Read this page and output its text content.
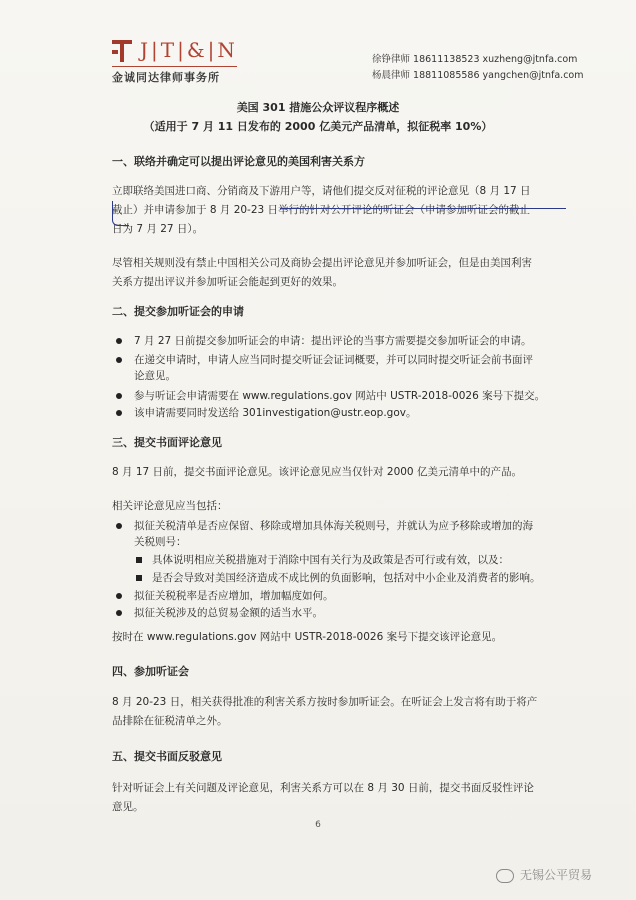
J|T|&|N
金诚同达律师事务所
徐铮律师 18611138523 xuzheng@jtnfa.com
杨晨律师 18811085586 yangchen@jtnfa.com
美国 301 措施公众评议程序概述
（适用于 7 月 11 日发布的 2000 亿美元产品清单，拟征税率 10%）
一、联络并确定可以提出评论意见的美国利害关系方
立即联络美国进口商、分销商及下游用户等，请他们提交反对征税的评论意见（8 月 17 日
截止）并申请参加于 8 月 20-23 日举行的针对公开评论的听证会（申请参加听证会的截止
日为 7 月 27 日）。
尽管相关规则没有禁止中国相关公司及商协会提出评论意见并参加听证会，但是由美国利害
关系方提出评议并参加听证会能起到更好的效果。
二、提交参加听证会的申请
7 月 27 日前提交参加听证会的申请：提出评论的当事方需要提交参加听证会的申请。
在递交申请时，申请人应当同时提交听证会证词概要，并可以同时提交听证会前书面评
论意见。
参与听证会申请需要在 www.regulations.gov 网站中 USTR-2018-0026 案号下提交。
该申请需要同时发送给 301investigation@ustr.eop.gov。
三、提交书面评论意见
8 月 17 日前，提交书面评论意见。该评论意见应当仅针对 2000 亿美元清单中的产品。
相关评论意见应当包括：
拟征关税清单是否应保留、移除或增加具体海关税则号，并就认为应予移除或增加的海
关税则号：
具体说明相应关税措施对于消除中国有关行为及政策是否可行或有效，以及：
是否会导致对美国经济造成不成比例的负面影响，包括对中小企业及消费者的影响。
拟征关税税率是否应增加，增加幅度如何。
拟征关税涉及的总贸易金额的适当水平。
按时在 www.regulations.gov 网站中 USTR-2018-0026 案号下提交该评论意见。
四、参加听证会
8 月 20-23 日，相关获得批准的利害关系方按时参加听证会。在听证会上发言将有助于将产
品排除在征税清单之外。
五、提交书面反驳意见
针对听证会上有关问题及评论意见，利害关系方可以在 8 月 30 日前，提交书面反驳性评论
意见。
6
无锡公平贸易
